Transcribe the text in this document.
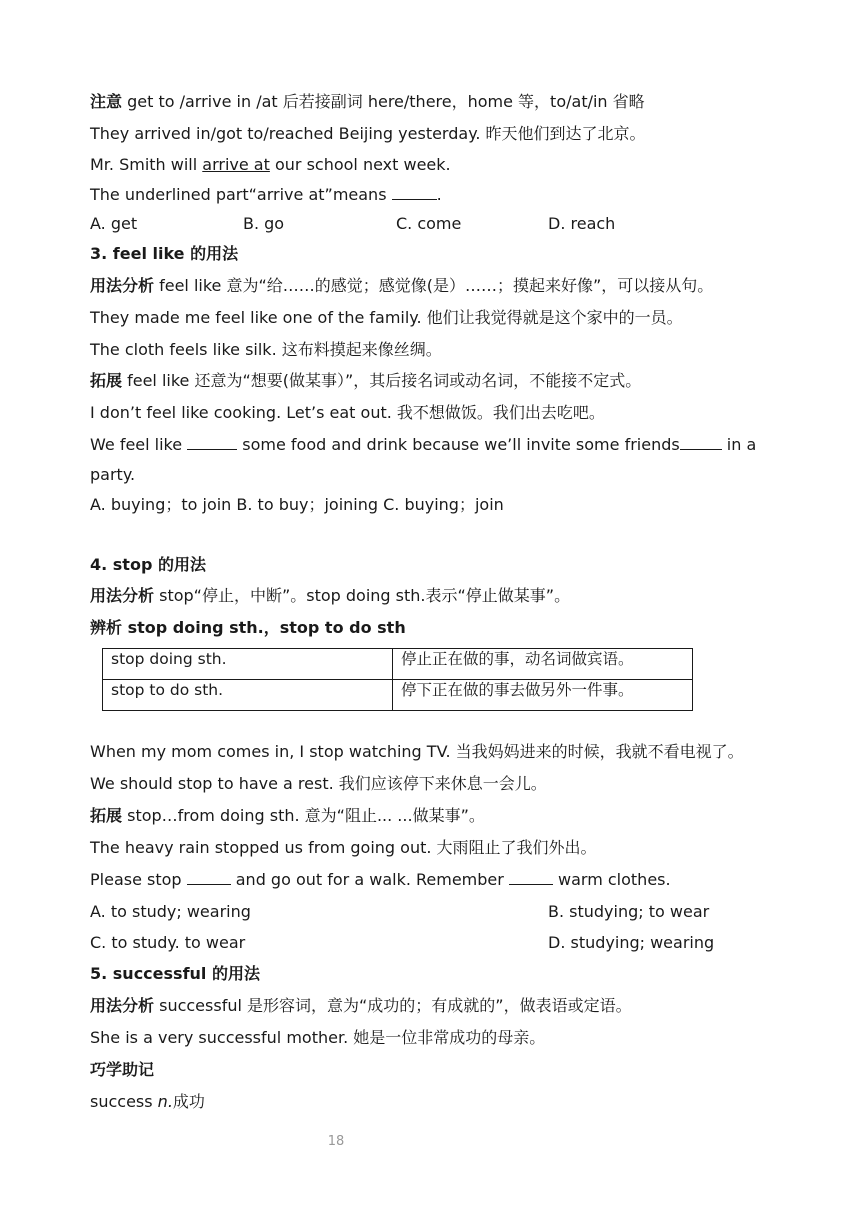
注意 get to /arrive in /at 后若接副词 here/there，home 等，to/at/in 省略
They arrived in/got to/reached Beijing yesterday. 昨天他们到达了北京。
Mr. Smith will arrive at our school next week.
The underlined part“arrive at”means	.
A. get	B. go	C. come	D. reach
3. feel like 的用法
用法分析 feel like 意为“给……的感觉；感觉像(是）……；摸起来好像”，可以接从句。
They made me feel like one of the family. 他们让我觉得就是这个家中的一员。
The cloth feels like silk. 这布料摸起来像丝绸。
拓展 feel like 还意为“想要(做某事）”，其后接名词或动名词，不能接不定式。
I don’t feel like cooking. Let’s eat out. 我不想做饭。我们出去吃吧。
We feel like	some food and drink because we’ll invite some friends	in a
party.
A. buying；to join B. to buy；joining C. buying；join
4. stop 的用法
用法分析 stop“停止，中断”。stop doing sth.表示“停止做某事”。
辨析 stop doing sth.，stop to do sth
stop doing sth.	停止正在做的事，动名词做宾语。
stop to do sth.	停下正在做的事去做另外一件事。
When my mom comes in, I stop watching TV. 当我妈妈进来的时候，我就不看电视了。
We should stop to have a rest. 我们应该停下来休息一会儿。
拓展 stop…from doing sth. 意为“阻止... ...做某事”。
The heavy rain stopped us from going out. 大雨阻止了我们外出。
Please stop	and go out for a walk. Remember	warm clothes.
A. to study; wearing	B. studying; to wear
C. to study. to wear	D. studying; wearing
5. successful 的用法
用法分析 successful 是形容词，意为“成功的；有成就的”，做表语或定语。
She is a very successful mother. 她是一位非常成功的母亲。
巧学助记
success n.成功
18
